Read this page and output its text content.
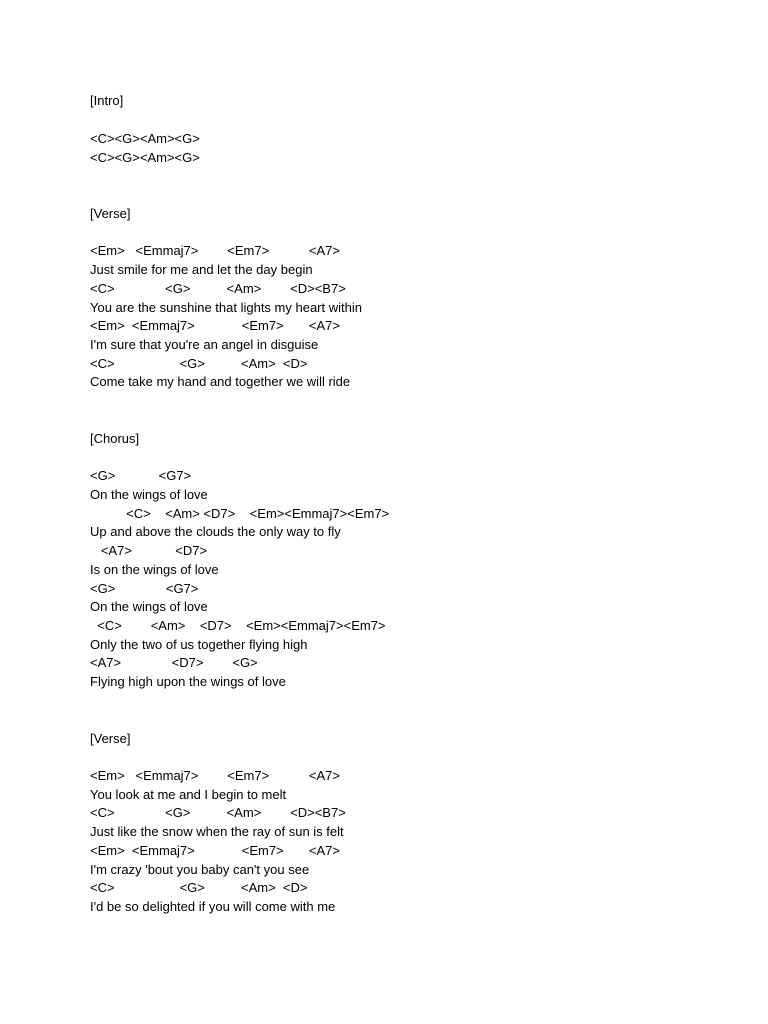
[Intro]
<C><G><Am><G>
<C><G><Am><G>
[Verse]
<Em>   <Emmaj7>        <Em7>           <A7>
Just smile for me and let the day begin
<C>              <G>          <Am>        <D><B7>
You are the sunshine that lights my heart within
<Em>  <Emmaj7>             <Em7>       <A7>
I'm sure that you're an angel in disguise
<C>                  <G>          <Am>  <D>
Come take my hand and together we will ride
[Chorus]
<G>            <G7>
On the wings of love
<C>    <Am> <D7>    <Em><Emmaj7><Em7>
Up and above the clouds the only way to fly
<A7>            <D7>
Is on the wings of love
<G>              <G7>
On the wings of love
<C>        <Am>    <D7>    <Em><Emmaj7><Em7>
Only the two of us together flying high
<A7>              <D7>        <G>
Flying high upon the wings of love
[Verse]
<Em>   <Emmaj7>        <Em7>           <A7>
You look at me and I begin to melt
<C>              <G>          <Am>        <D><B7>
Just like the snow when the ray of sun is felt
<Em>  <Emmaj7>             <Em7>       <A7>
I'm crazy 'bout you baby can't you see
<C>                  <G>          <Am>  <D>
I'd be so delighted if you will come with me
